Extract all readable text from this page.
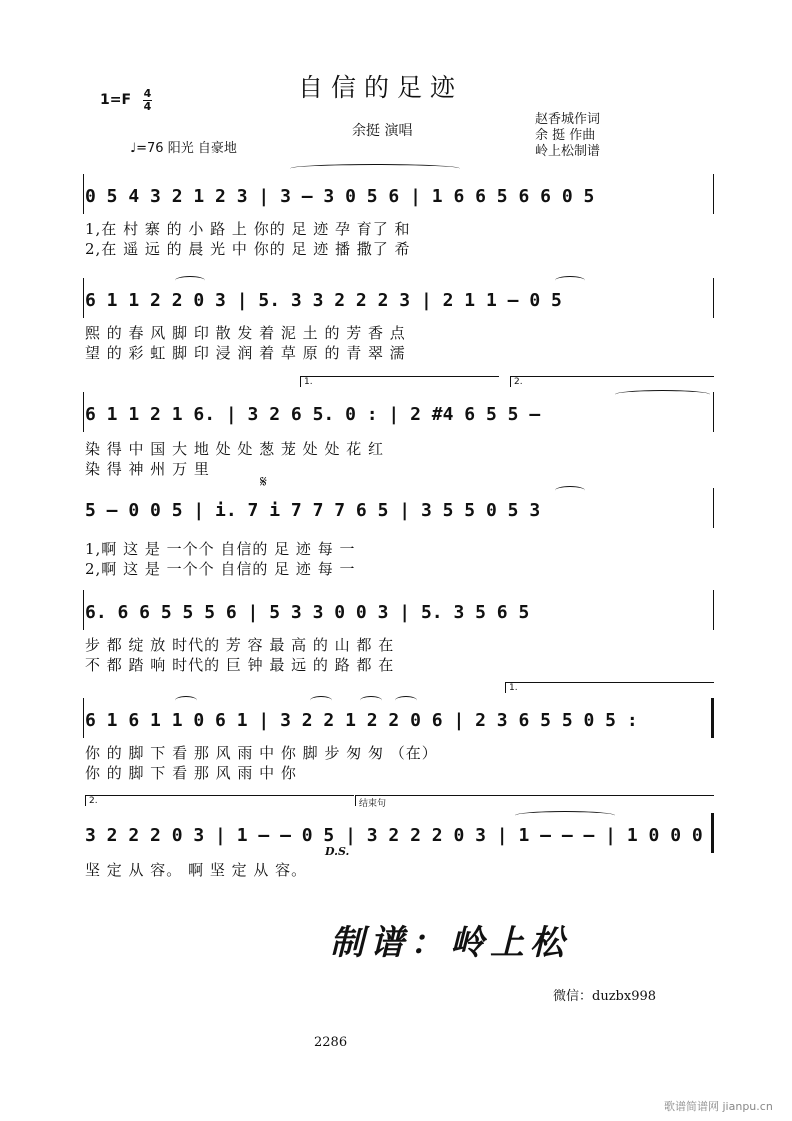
自信的足迹
1=F 4
4
♩=76 阳光 自豪地
余挺 演唱
赵香城作词
余 挺 作曲
岭上松制谱
0 5 4 3 2 1 2 3 | 3 – 3 0 5 6 | 1 6 6 5 6 6 0 5
1,在 村 寨 的 小 路 上 你的 足 迹 孕 育了 和
2,在 遥 远 的 晨 光 中 你的 足 迹 播 撒了 希
6 1 1 2 2 0 3 | 5. 3 3 2 2 2 3 | 2 1 1 – 0 5
熙 的 春 风 脚 印 散 发 着 泥 土 的 芳 香 点
望 的 彩 虹 脚 印 浸 润 着 草 原 的 青 翠 濡
1.	2.
6 1 1 2 1 6. | 3 2 6 5. 0 : | 2 #4 6 5 5 –
染 得 中 国 大 地 处 处 葱 茏 处 处 花 红
染 得 神 州 万 里
𝄋
5 – 0 0 5 | i. 7 i 7 7 7 6 5 | 3 5 5 0 5 3
1,啊 这 是 一个个 自信的 足 迹 每 一
2,啊 这 是 一个个 自信的 足 迹 每 一
6. 6 6 5 5 5 6 | 5 3 3 0 0 3 | 5. 3 5 6 5
步 都 绽 放 时代的 芳 容 最 高 的 山 都 在
不 都 踏 响 时代的 巨 钟 最 远 的 路 都 在
1.
6 1 6 1 1 0 6 1 | 3 2 2 1 2 2 0 6 | 2 3 6 5 5 0 5 :
你 的 脚 下 看 那 风 雨 中 你 脚 步 匆 匆 （在）
你 的 脚 下 看 那 风 雨 中 你
2.	结束句
3 2 2 2 0 3 | 1 – – 0 5 | 3 2 2 2 0 3 | 1 – – – | 1 0 0 0
D.S.
坚 定 从 容。 啊 坚 定 从 容。
制谱：岭上松
微信：duzbx998
2286
歌谱简谱网 jianpu.cn
